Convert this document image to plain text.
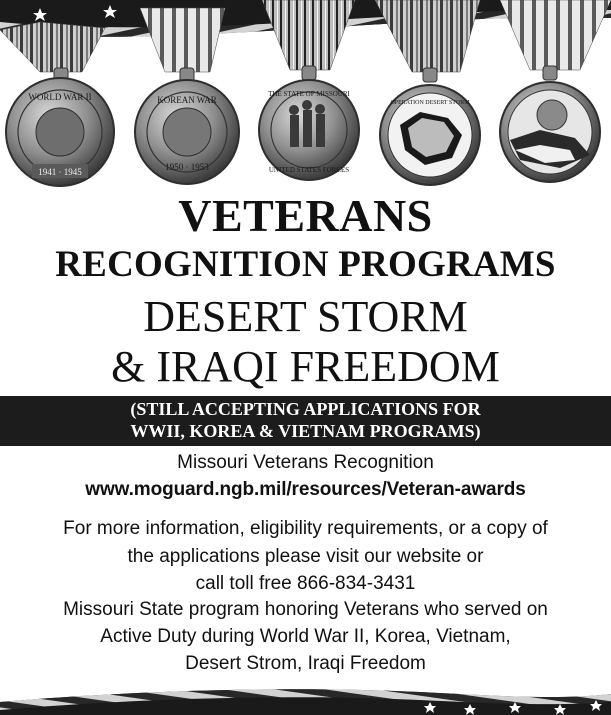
1941 · 1945
WORLD WAR II	KOREAN WAR
1950 · 1953
THE STATE OF MISSOURI
UNITED STATES FORCES
OPERATION DESERT STORM
VETERANS
RECOGNITION PROGRAMS
DESERT STORM
& IRAQI FREEDOM
(STILL ACCEPTING APPLICATIONS FOR
WWII, KOREA & VIETNAM PROGRAMS)
Missouri Veterans Recognition
www.moguard.ngb.mil/resources/Veteran-awards
For more information, eligibility requirements, or a copy of
the applications please visit our website or
call toll free 866-834-3431
Missouri State program honoring Veterans who served on
Active Duty during World War II, Korea, Vietnam,
Desert Strom, Iraqi Freedom
